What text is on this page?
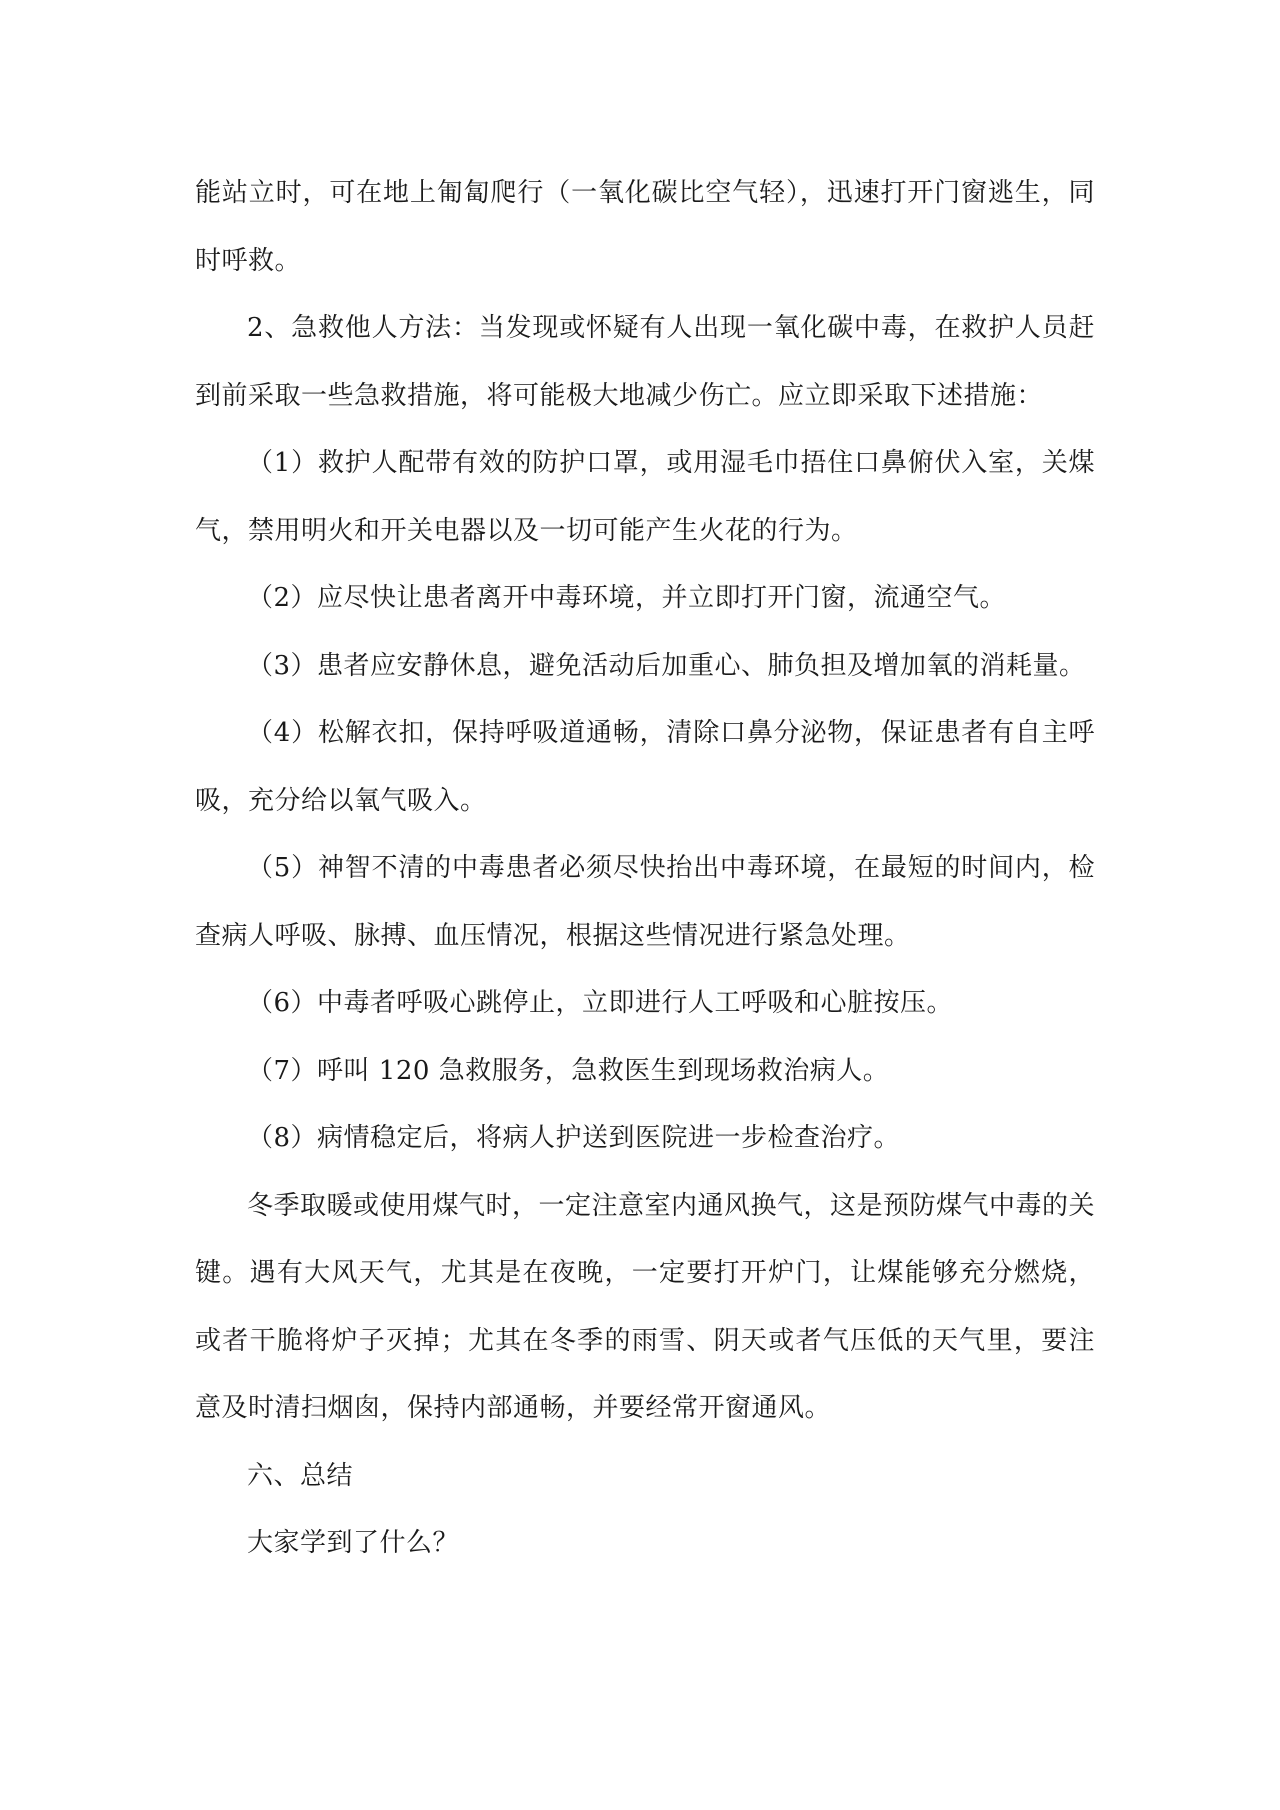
能站立时，可在地上匍匐爬行（一氧化碳比空气轻），迅速打开门窗逃生，同时呼救。

2、急救他人方法：当发现或怀疑有人出现一氧化碳中毒，在救护人员赶到前采取一些急救措施，将可能极大地减少伤亡。应立即采取下述措施：

（1）救护人配带有效的防护口罩，或用湿毛巾捂住口鼻俯伏入室，关煤气，禁用明火和开关电器以及一切可能产生火花的行为。

（2）应尽快让患者离开中毒环境，并立即打开门窗，流通空气。

（3）患者应安静休息，避免活动后加重心、肺负担及增加氧的消耗量。

（4）松解衣扣，保持呼吸道通畅，清除口鼻分泌物，保证患者有自主呼吸，充分给以氧气吸入。

（5）神智不清的中毒患者必须尽快抬出中毒环境，在最短的时间内，检查病人呼吸、脉搏、血压情况，根据这些情况进行紧急处理。

（6）中毒者呼吸心跳停止，立即进行人工呼吸和心脏按压。

（7）呼叫 120 急救服务，急救医生到现场救治病人。

（8）病情稳定后，将病人护送到医院进一步检查治疗。

冬季取暖或使用煤气时，一定注意室内通风换气，这是预防煤气中毒的关键。遇有大风天气，尤其是在夜晚，一定要打开炉门，让煤能够充分燃烧，或者干脆将炉子灭掉；尤其在冬季的雨雪、阴天或者气压低的天气里，要注意及时清扫烟囱，保持内部通畅，并要经常开窗通风。

六、总结

大家学到了什么？
